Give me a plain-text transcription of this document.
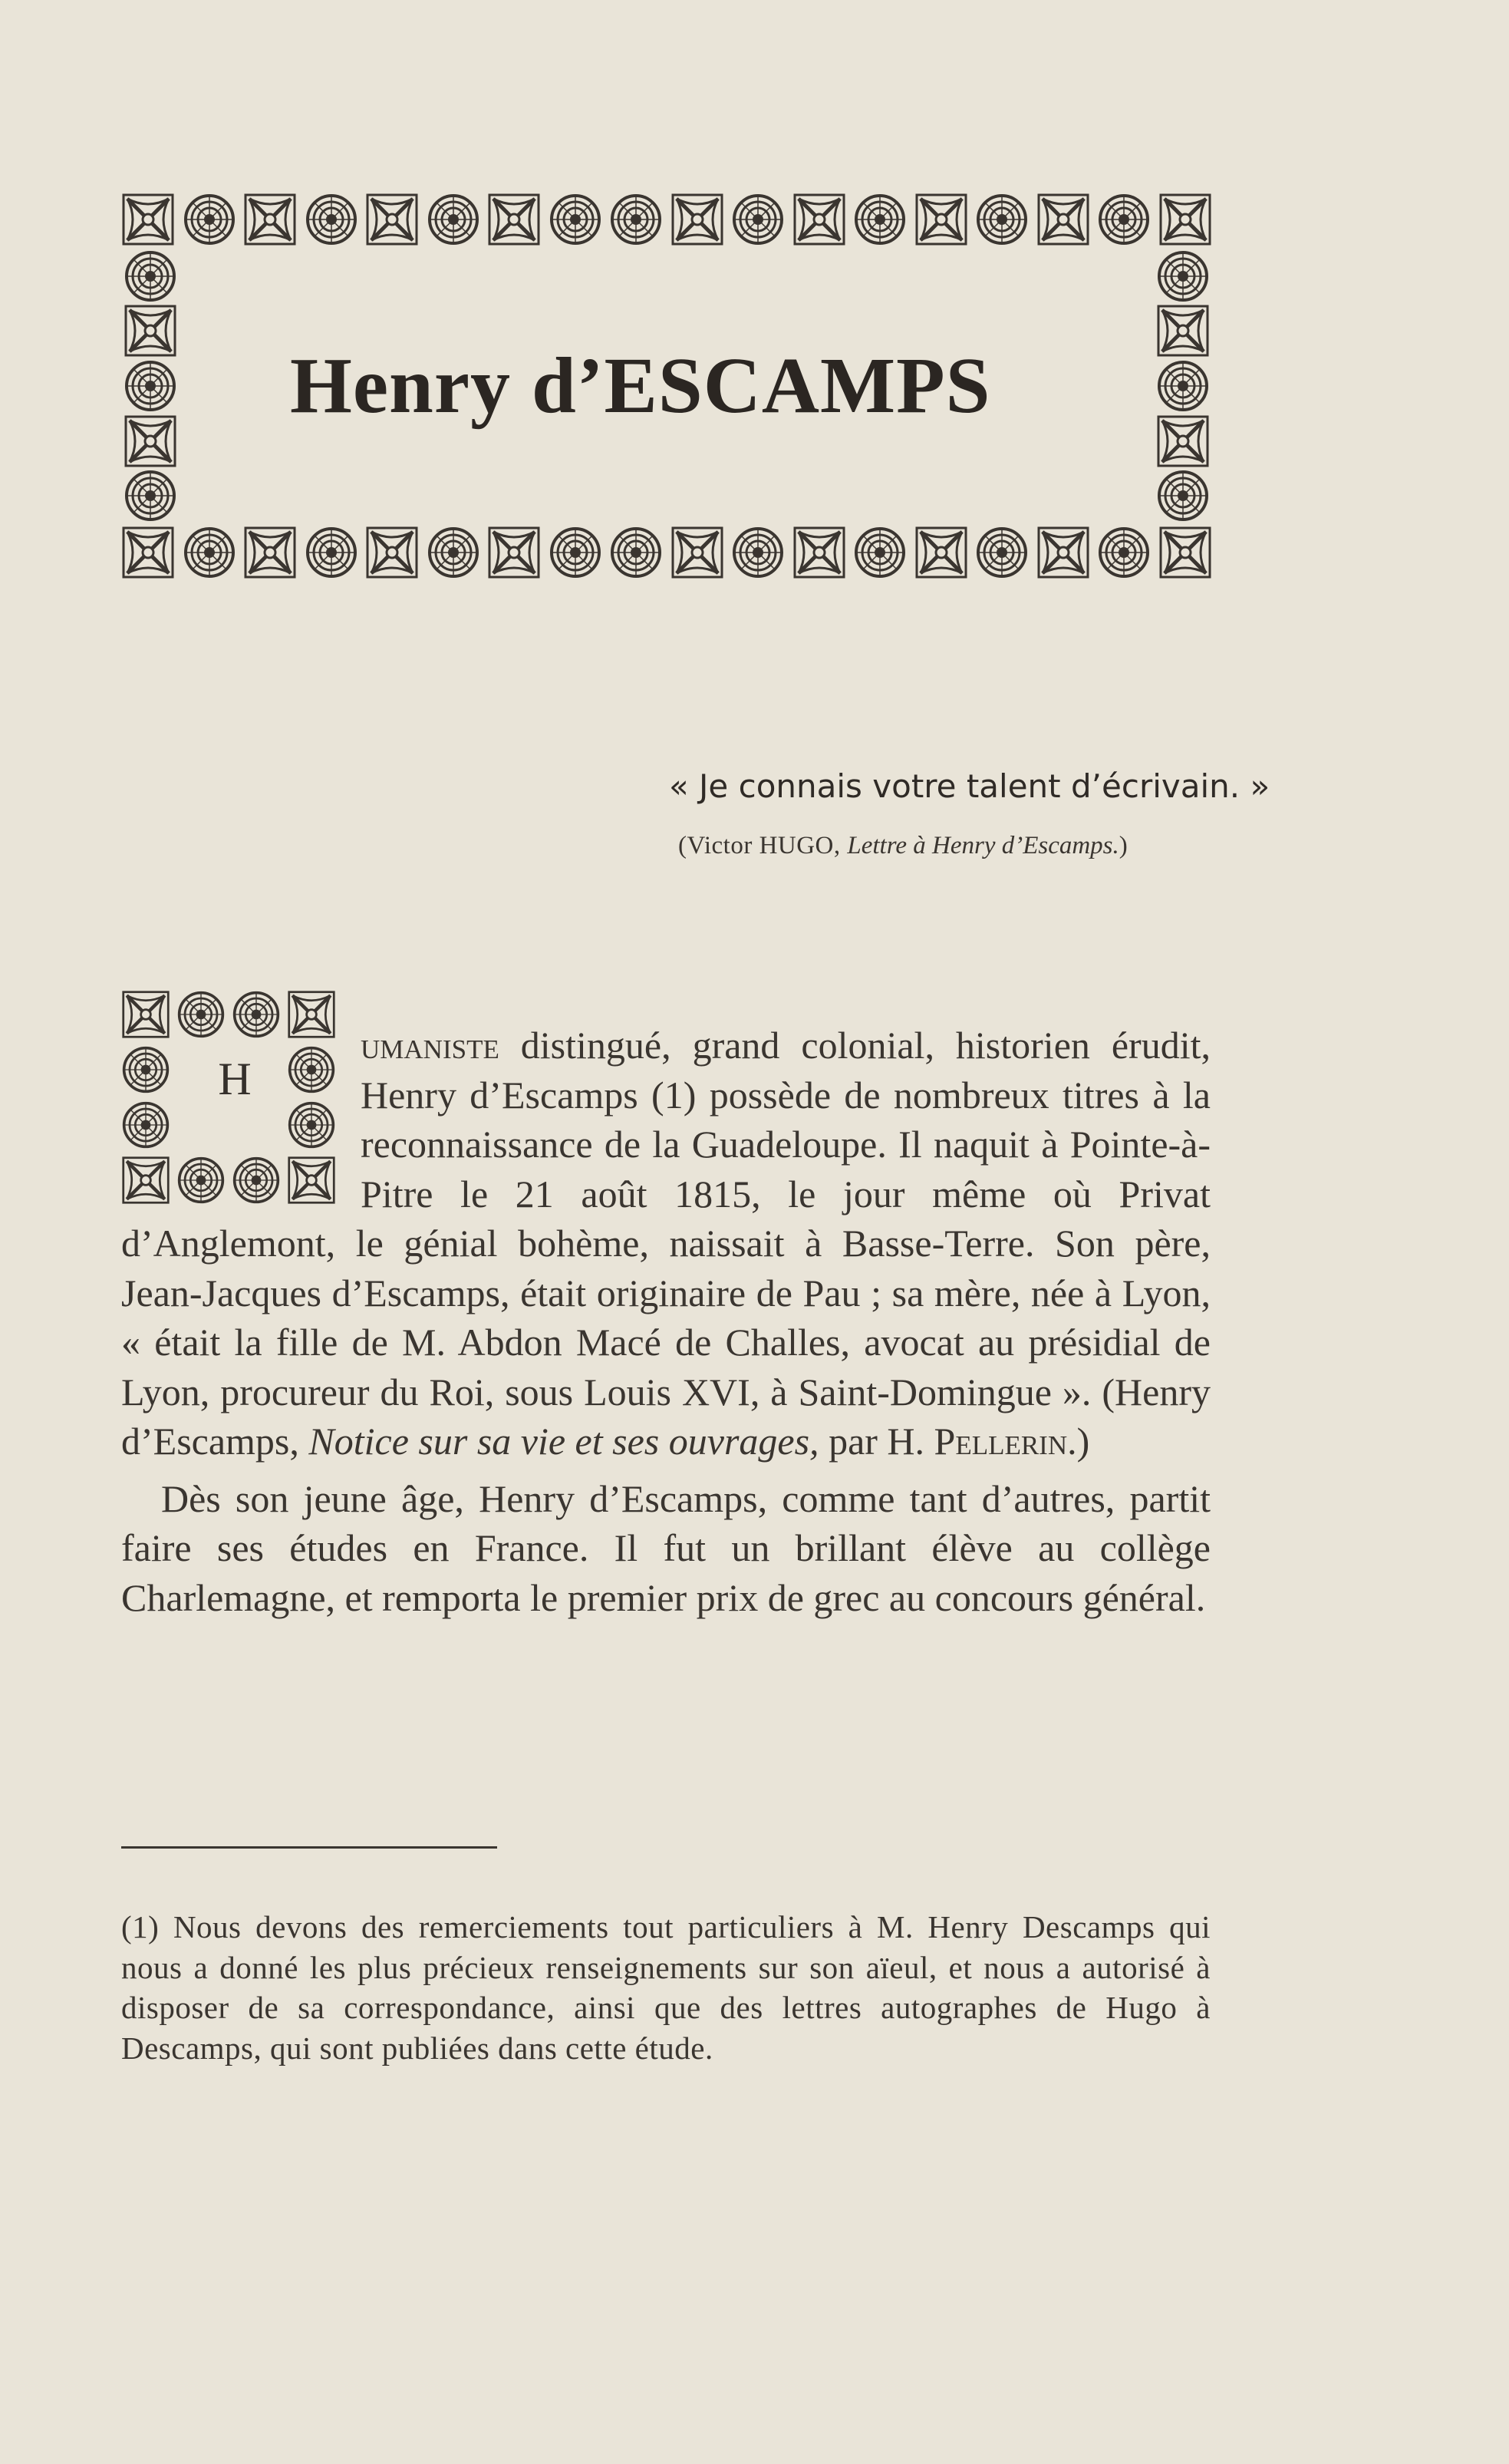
Henry d’ESCAMPS
« Je connais votre talent d’écrivain. »
(Victor HUGO, Lettre à Henry d’Escamps.)
H

umaniste distingué, grand colonial, historien érudit, Henry d’Escamps (1) possède de nombreux titres à la reconnaissance de la Guadeloupe. Il naquit à Pointe-à-Pitre le 21 août 1815, le jour même où Privat d’Anglemont, le génial bohème, naissait à Basse-Terre. Son père, Jean-Jacques d’Escamps, était originaire de Pau ; sa mère, née à Lyon, « était la fille de M. Abdon Macé de Challes, avocat au présidial de Lyon, procureur du Roi, sous Louis XVI, à Saint-Domingue ». (Henry d’Escamps, Notice sur sa vie et ses ouvrages, par H. Pellerin.)

Dès son jeune âge, Henry d’Escamps, comme tant d’autres, partit faire ses études en France. Il fut un brillant élève au collège Charlemagne, et remporta le premier prix de grec au concours général.

(1) Nous devons des remerciements tout particuliers à M. Henry Descamps qui nous a donné les plus précieux renseignements sur son aïeul, et nous a autorisé à disposer de sa correspondance, ainsi que des lettres autographes de Hugo à Descamps, qui sont publiées dans cette étude.
